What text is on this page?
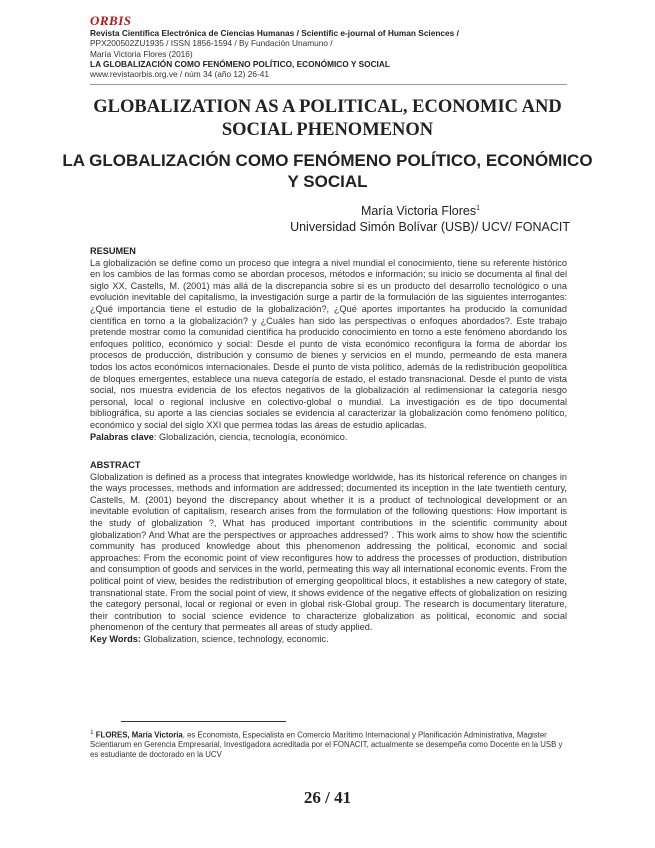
ORBIS
Revista Científica Electrónica de Ciencias Humanas / Scientific e-journal of Human Sciences /
PPX200502ZU1935 / ISSN 1856-1594 / By Fundación Unamuno /
María Victoria Flores (2016)
LA GLOBALIZACIÓN COMO FENÓMENO POLÍTICO, ECONÓMICO Y SOCIAL
www.revistaorbis.org.ve / núm 34 (año 12) 26-41
GLOBALIZATION AS A POLITICAL, ECONOMIC AND SOCIAL PHENOMENON
LA GLOBALIZACIÓN COMO FENÓMENO POLÍTICO, ECONÓMICO Y SOCIAL
María Victoria Flores$^1$
Universidad Simón Bolívar (USB)/ UCV/ FONACIT
RESUMEN

La globalización se define como un proceso que integra a nivel mundial el conocimiento, tiene su referente histórico en los cambios de las formas como se abordan procesos, métodos e información; su inicio se documenta al final del siglo XX, Castells, M. (2001) más allá de la discrepancia sobre si es un producto del desarrollo tecnológico o una evolución inevitable del capitalismo, la investigación surge a partir de la formulación de las siguientes interrogantes: ¿Qué importancia tiene el estudio de la globalización?, ¿Qué aportes importantes ha producido la comunidad científica en torno a la globalización? y ¿Cuáles han sido las perspectivas o enfoques abordados?. Este trabajo pretende mostrar como la comunidad científica ha producido conocimiento en torno a este fenómeno abordando los enfoques político, económico y social: Desde el punto de vista económico reconfigura la forma de abordar los procesos de producción, distribución y consumo de bienes y servicios en el mundo, permeando de esta manera todos los actos económicos internacionales. Desde el punto de vista político, además de la redistribución geopolítica de bloques emergentes, establece una nueva categoría de estado, el estado transnacional. Desde el punto de vista social, nos muestra evidencia de los efectos negativos de la globalización al redimensionar la categoría riesgo personal, local o regional inclusive en colectivo-global o mundial. La investigación es de tipo documental bibliográfica, su aporte a las ciencias sociales se evidencia al caracterizar la globalización como fenómeno político, económico y social del siglo XXI que permea todas las áreas de estudio aplicadas.

Palabras clave: Globalización, ciencia, tecnología, económico.

ABSTRACT

Globalization is defined as a process that integrates knowledge worldwide, has its historical reference on changes in the ways processes, methods and information are addressed; documented its inception in the late twentieth century, Castells, M. (2001) beyond the discrepancy about whether it is a product of technological development or an inevitable evolution of capitalism, research arises from the formulation of the following questions: How important is the study of globalization ?, What has produced important contributions in the scientific community about globalization? And What are the perspectives or approaches addressed? . This work aims to show how the scientific community has produced knowledge about this phenomenon addressing the political, economic and social approaches: From the economic point of view reconfigures how to address the processes of production, distribution and consumption of goods and services in the world, permeating this way all international economic events. From the political point of view, besides the redistribution of emerging geopolitical blocs, it establishes a new category of state, transnational state. From the social point of view, it shows evidence of the negative effects of globalization on resizing the category personal, local or regional or even in global risk-Global group. The research is documentary literature, their contribution to social science evidence to characterize globalization as political, economic and social phenomenon of the century that permeates all areas of study applied.

Key Words: Globalization, science, technology, economic.

$^1$ FLORES, María Victoria, es Economista, Especialista en Comercio Marítimo Internacional y Planificación Administrativa, Magister Scientiarum en Gerencia Empresarial, Investigadora acreditada por el FONACIT, actualmente se desempeña como Docente en la USB y es estudiante de doctorado en la UCV
26 / 41
